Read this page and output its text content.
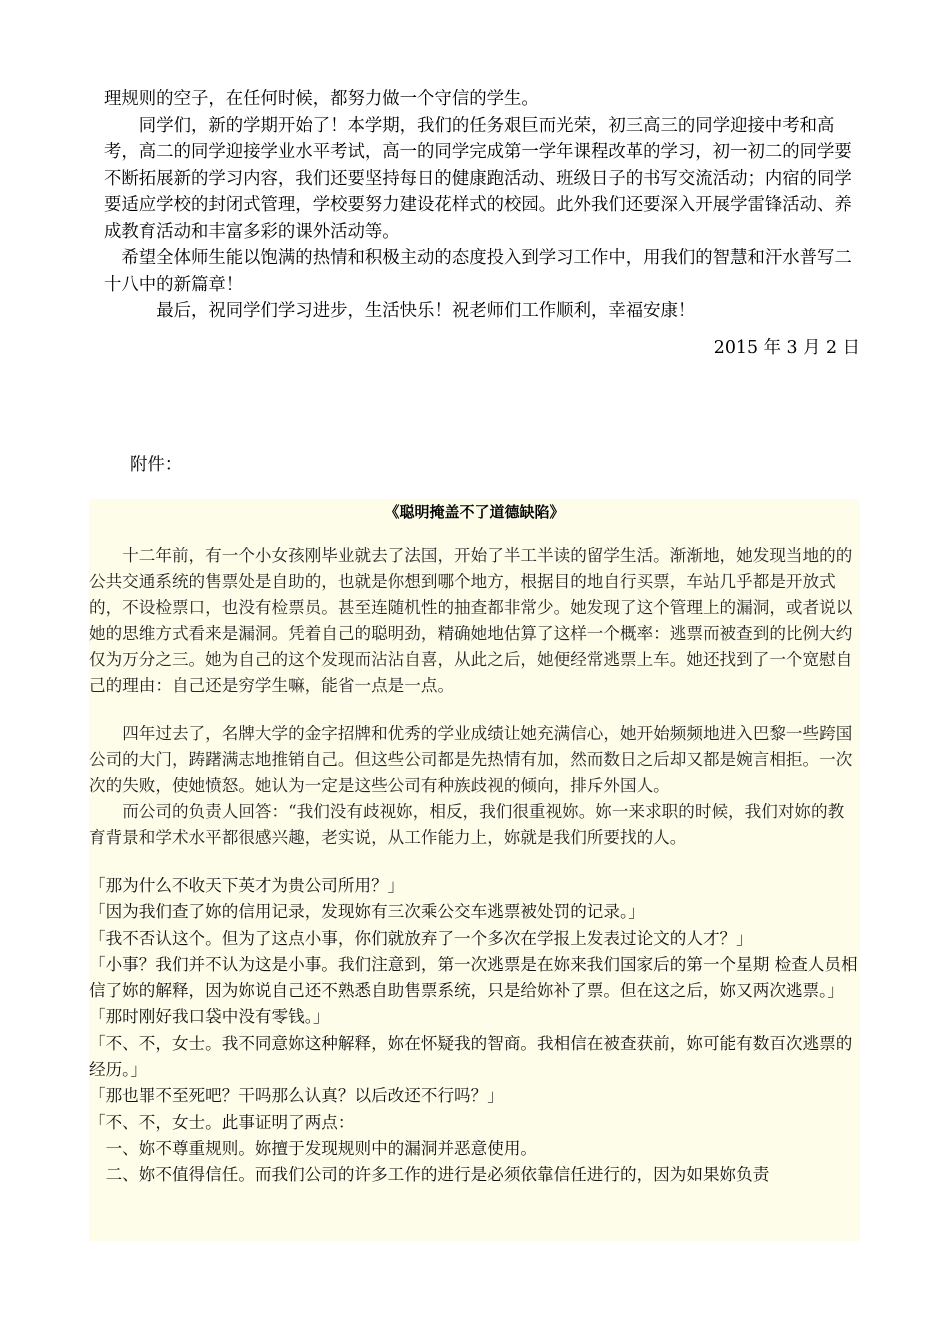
理规则的空子，在任何时候，都努力做一个守信的学生。

同学们，新的学期开始了！本学期，我们的任务艰巨而光荣，初三高三的同学迎接中考和高考，高二的同学迎接学业水平考试，高一的同学完成第一学年课程改革的学习，初一初二的同学要不断拓展新的学习内容，我们还要坚持每日的健康跑活动、班级日子的书写交流活动；内宿的同学要适应学校的封闭式管理，学校要努力建设花样式的校园。此外我们还要深入开展学雷锋活动、养成教育活动和丰富多彩的课外活动等。

希望全体师生能以饱满的热情和积极主动的态度投入到学习工作中，用我们的智慧和汗水普写二十八中的新篇章！

最后，祝同学们学习进步，生活快乐！祝老师们工作顺利，幸福安康！

2015 年 3 月 2 日

附件：

《聪明掩盖不了道德缺陷》

十二年前，有一个小女孩刚毕业就去了法国，开始了半工半读的留学生活。渐渐地，她发现当地的的公共交通系统的售票处是自助的，也就是你想到哪个地方，根据目的地自行买票，车站几乎都是开放式的，不设检票口，也没有检票员。甚至连随机性的抽查都非常少。她发现了这个管理上的漏洞，或者说以她的思维方式看来是漏洞。凭着自己的聪明劲，精确她地估算了这样一个概率：逃票而被查到的比例大约仅为万分之三。她为自己的这个发现而沾沾自喜，从此之后，她便经常逃票上车。她还找到了一个宽慰自己的理由：自己还是穷学生嘛，能省一点是一点。

四年过去了，名牌大学的金字招牌和优秀的学业成绩让她充满信心，她开始频频地进入巴黎一些跨国公司的大门，踌躇满志地推销自己。但这些公司都是先热情有加，然而数日之后却又都是婉言相拒。一次次的失败，使她愤怒。她认为一定是这些公司有种族歧视的倾向，排斥外国人。

而公司的负责人回答：“我们没有歧视妳，相反，我们很重视妳。妳一来求职的时候，我们对妳的教育背景和学术水平都很感兴趣，老实说，从工作能力上，妳就是我们所要找的人。

「那为什么不收天下英才为贵公司所用？」

「因为我们查了妳的信用记录，发现妳有三次乘公交车逃票被处罚的记录。」

「我不否认这个。但为了这点小事，你们就放弃了一个多次在学报上发表过论文的人才？」

「小事？我们并不认为这是小事。我们注意到，第一次逃票是在妳来我们国家后的第一个星期 检查人员相信了妳的解释，因为妳说自己还不熟悉自助售票系统，只是给妳补了票。但在这之后，妳又两次逃票。」

「那时刚好我口袋中没有零钱。」

「不、不，女士。我不同意妳这种解释，妳在怀疑我的智商。我相信在被查获前，妳可能有数百次逃票的经历。」

「那也罪不至死吧？干吗那么认真？以后改还不行吗？」

「不、不，女士。此事证明了两点：

一、妳不尊重规则。妳擅于发现规则中的漏洞并恶意使用。

二、妳不值得信任。而我们公司的许多工作的进行是必须依靠信任进行的，因为如果妳负责
